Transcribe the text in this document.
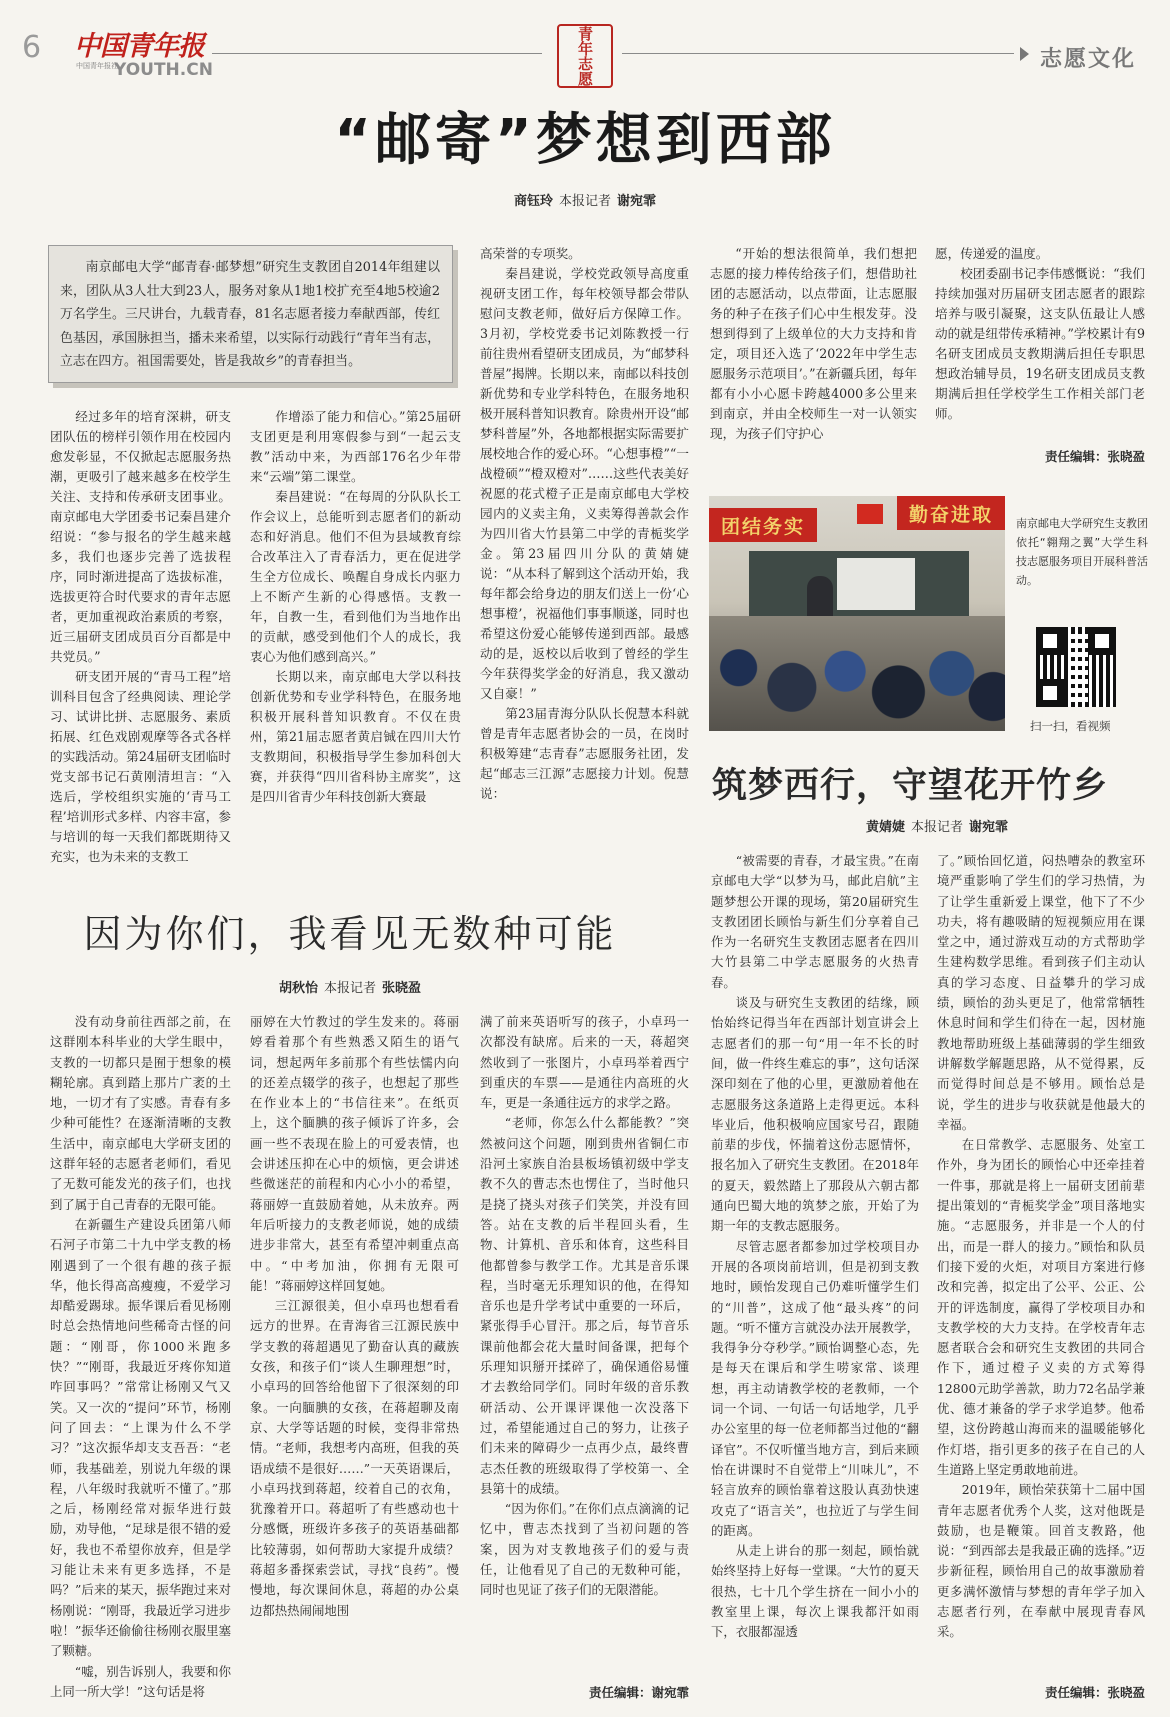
6 中国青年报
中国青年报社
YOUTH.CN	青年志愿	志愿文化
“邮寄”梦想到西部
商钰玲 本报记者 谢宛霏

南京邮电大学“邮青春·邮梦想”研究生支教团自2014年组建以来，团队从3人壮大到23人，服务对象从1地1校扩充至4地5校逾2万名学生。三尺讲台，九载青春，81名志愿者接力奉献西部，传红色基因，承国脉担当，播未来希望，以实际行动践行“青年当有志，立志在四方。祖国需要处，皆是我故乡”的青春担当。

经过多年的培育深耕，研支团队伍的榜样引领作用在校园内愈发彰显，不仅掀起志愿服务热潮，更吸引了越来越多在校学生关注、支持和传承研支团事业。南京邮电大学团委书记秦昌建介绍说：“参与报名的学生越来越多，我们也逐步完善了选拔程序，同时渐进提高了选拔标准，选拔更符合时代要求的青年志愿者，更加重视政治素质的考察，近三届研支团成员百分百都是中共党员。”

研支团开展的“青马工程”培训科目包含了经典阅读、理论学习、试讲比拼、志愿服务、素质拓展、红色戏剧观摩等各式各样的实践活动。第24届研支团临时党支部书记石黄刚清坦言：“入选后，学校组织实施的‘青马工程’培训形式多样、内容丰富，参与培训的每一天我们都既期待又充实，也为未来的支教工

作增添了能力和信心。”第25届研支团更是利用寒假参与到“一起云支教”活动中来，为西部176名少年带来“云端”第二课堂。

秦昌建说：“在每周的分队队长工作会议上，总能听到志愿者们的新动态和好消息。他们不但为县域教育综合改革注入了青春活力，更在促进学生全方位成长、唤醒自身成长内驱力上不断产生新的心得感悟。支教一年，自教一生，看到他们为当地作出的贡献，感受到他们个人的成长，我衷心为他们感到高兴。”

长期以来，南京邮电大学以科技创新优势和专业学科特色，在服务地积极开展科普知识教育。不仅在贵州，第21届志愿者黄启铖在四川大竹支教期间，积极指导学生参加科创大赛，并获得“四川省科协主席奖”，这是四川省青少年科技创新大赛最

高荣誉的专项奖。

秦昌建说，学校党政领导高度重视研支团工作，每年校领导都会带队慰问支教老师，做好后方保障工作。3月初，学校党委书记刘陈教授一行前往贵州看望研支团成员，为“邮梦科普屋”揭牌。长期以来，南邮以科技创新优势和专业学科特色，在服务地积极开展科普知识教育。除贵州开设“邮梦科普屋”外，各地都根据实际需要扩展校地合作的爱心环。“心想事橙”“一战橙硕”“橙双橙对”……这些代表美好祝愿的花式橙子正是南京邮电大学校园内的义卖主角，义卖筹得善款会作为四川省大竹县第二中学的青栀奖学金。第23届四川分队的黄婧婕说：“从本科了解到这个活动开始，我每年都会给身边的朋友们送上一份‘心想事橙’，祝福他们事事顺遂，同时也希望这份爱心能够传递到西部。最感动的是，返校以后收到了曾经的学生今年获得奖学金的好消息，我又激动又自豪！”

第23届青海分队队长倪慧本科就曾是青年志愿者协会的一员，在岗时积极筹建“志青春”志愿服务社团，发起“邮志三江源”志愿接力计划。倪慧说：

“开始的想法很简单，我们想把志愿的接力棒传给孩子们，想借助社团的志愿活动，以点带面，让志愿服务的种子在孩子们心中生根发芽。没想到得到了上级单位的大力支持和肯定，项目还入选了‘2022年中学生志愿服务示范项目’。”在新疆兵团，每年都有小小心愿卡跨越4000多公里来到南京，并由全校师生一对一认领实现，为孩子们守护心

愿，传递爱的温度。

校团委副书记李伟感慨说：“我们持续加强对历届研支团志愿者的跟踪培养与吸引凝聚，这支队伍最让人感动的就是纽带传承精神。”学校累计有9名研支团成员支教期满后担任专职思想政治辅导员，19名研支团成员支教期满后担任学校学生工作相关部门老师。

责任编辑：张晓盈
团结务实
勤奋进取 南京邮电大学研究生支教团依托“翱翔之翼”大学生科技志愿服务项目开展科普活动。

扫一扫，看视频
筑梦西行，守望花开竹乡
黄婧婕 本报记者 谢宛霏

“被需要的青春，才最宝贵。”在南京邮电大学“以梦为马，邮此启航”主题梦想公开课的现场，第20届研究生支教团团长顾怡与新生们分享着自己作为一名研究生支教团志愿者在四川大竹县第二中学志愿服务的火热青春。

谈及与研究生支教团的结缘，顾怡始终记得当年在西部计划宣讲会上志愿者们的那一句“用一年不长的时间，做一件终生难忘的事”，这句话深深印刻在了他的心里，更激励着他在志愿服务这条道路上走得更远。本科毕业后，他积极响应国家号召，跟随前辈的步伐，怀揣着这份志愿情怀，报名加入了研究生支教团。在2018年的夏天，毅然踏上了那段从六朝古都通向巴蜀大地的筑梦之旅，开始了为期一年的支教志愿服务。

尽管志愿者都参加过学校项目办开展的各项岗前培训，但是初到支教地时，顾怡发现自己仍难听懂学生们的“川普”，这成了他“最头疼”的问题。“听不懂方言就没办法开展教学，我得争分夺秒学。”顾怡调整心态，先是每天在课后和学生唠家常、谈理想，再主动请教学校的老教师，一个词一个词、一句话一句话地学，几乎办公室里的每一位老师都当过他的“翻译官”。不仅听懂当地方言，到后来顾怡在讲课时不自觉带上“川味儿”，不轻言放弃的顾怡靠着这股认真劲快速攻克了“语言关”，也拉近了与学生间的距离。

从走上讲台的那一刻起，顾怡就始终坚持上好每一堂课。“大竹的夏天很热，七十几个学生挤在一间小小的教室里上课，每次上课我都汗如雨下，衣服都湿透

了。”顾怡回忆道，闷热嘈杂的教室环境严重影响了学生们的学习热情，为了让学生重新爱上课堂，他下了不少功夫，将有趣吸睛的短视频应用在课堂之中，通过游戏互动的方式帮助学生建构数学思维。看到孩子们主动认真的学习态度、日益攀升的学习成绩，顾怡的劲头更足了，他常常牺牲休息时间和学生们待在一起，因材施教地帮助班级上基础薄弱的学生细致讲解数学解题思路，从不觉得累，反而觉得时间总是不够用。顾怡总是说，学生的进步与收获就是他最大的幸福。

在日常教学、志愿服务、处室工作外，身为团长的顾怡心中还牵挂着一件事，那就是将上一届研支团前辈提出策划的“青栀奖学金”项目落地实施。“志愿服务，并非是一个人的付出，而是一群人的接力。”顾怡和队员们接下爱的火炬，对项目方案进行修改和完善，拟定出了公平、公正、公开的评选制度，赢得了学校项目办和支教学校的大力支持。在学校青年志愿者联合会和研究生支教团的共同合作下，通过橙子义卖的方式筹得12800元助学善款，助力72名品学兼优、德才兼备的学子求学追梦。他希望，这份跨越山海而来的温暖能够化作灯塔，指引更多的孩子在自己的人生道路上坚定勇敢地前进。

2019年，顾怡荣获第十二届中国青年志愿者优秀个人奖，这对他既是鼓励，也是鞭策。回首支教路，他说：“到西部去是我最正确的选择。”迈步新征程，顾怡用自己的故事激励着更多满怀激情与梦想的青年学子加入志愿者行列，在奉献中展现青春风采。

责任编辑：张晓盈
因为你们，我看见无数种可能
胡秋怡 本报记者 张晓盈

没有动身前往西部之前，在这群刚本科毕业的大学生眼中，支教的一切都只是囿于想象的模糊轮廓。真到踏上那片广袤的土地，一切才有了实感。青春有多少种可能性？在逐渐清晰的支教生活中，南京邮电大学研支团的这群年轻的志愿者老师们，看见了无数可能发光的孩子们，也找到了属于自己青春的无限可能。

在新疆生产建设兵团第八师石河子市第二十九中学支教的杨刚遇到了一个很有趣的孩子振华，他长得高高瘦瘦，不爱学习却酷爱踢球。振华课后看见杨刚时总会热情地问些稀奇古怪的问题：“刚哥，你1000米跑多快？”“刚哥，我最近牙疼你知道咋回事吗？”常常让杨刚又气又笑。又一次的“提问”环节，杨刚问了回去：“上课为什么不学习？”这次振华却支支吾吾：“老师，我基础差，别说九年级的课程，八年级时我就听不懂了。”那之后，杨刚经常对振华进行鼓励，劝导他，“足球是很不错的爱好，我也不希望你放弃，但是学习能让未来有更多选择，不是吗？”后来的某天，振华跑过来对杨刚说：“刚哥，我最近学习进步啦！”振华还偷偷往杨刚衣服里塞了颗糖。

“嘘，别告诉别人，我要和你上同一所大学！”这句话是将

丽婷在大竹教过的学生发来的。蒋丽婷看着那个有些熟悉又陌生的语气词，想起两年多前那个有些怯懦内向的还差点辍学的孩子，也想起了那些在作业本上的“书信往来”。在纸页上，这个腼腆的孩子倾诉了许多，会画一些不表现在脸上的可爱表情，也会讲述压抑在心中的烦恼，更会讲述些微迷茫的前程和内心小小的希望，蒋丽婷一直鼓励着她，从未放弃。两年后听接力的支教老师说，她的成绩进步非常大，甚至有希望冲刺重点高中。“中考加油，你拥有无限可能！”蒋丽婷这样回复她。

三江源很美，但小卓玛也想看看远方的世界。在青海省三江源民族中学支教的蒋超遇见了勤奋认真的藏族女孩，和孩子们“谈人生聊理想”时，小卓玛的回答给他留下了很深刻的印象。一向腼腆的女孩，在蒋超聊及南京、大学等话题的时候，变得非常热情。“老师，我想考内高班，但我的英语成绩不是很好……”一天英语课后，小卓玛找到蒋超，绞着自己的衣角，犹豫着开口。蒋超听了有些感动也十分感慨，班级许多孩子的英语基础都比较薄弱，如何帮助大家提升成绩？蒋超多番探索尝试，寻找“良药”。慢慢地，每次课间休息，蒋超的办公桌边都热热闹闹地围

满了前来英语听写的孩子，小卓玛一次都没有缺席。后来的一天，蒋超突然收到了一张图片，小卓玛举着西宁到重庆的车票——是通往内高班的火车，更是一条通往远方的求学之路。

“老师，你怎么什么都能教？”突然被问这个问题，刚到贵州省铜仁市沿河土家族自治县板场镇初级中学支教不久的曹志杰也愣住了，当时他只是挠了挠头对孩子们笑笑，并没有回答。站在支教的后半程回头看，生物、计算机、音乐和体育，这些科目他都曾参与教学工作。尤其是音乐课程，当时毫无乐理知识的他，在得知音乐也是升学考试中重要的一环后，紧张得手心冒汗。那之后，每节音乐课前他都会花大量时间备课，把每个乐理知识掰开揉碎了，确保通俗易懂才去教给同学们。同时年级的音乐教研活动、公开课评课他一次没落下过，希望能通过自己的努力，让孩子们未来的障碍少一点再少点，最终曹志杰任教的班级取得了学校第一、全县第十的成绩。

“因为你们。”在你们点点滴滴的记忆中，曹志杰找到了当初问题的答案，因为对支教地孩子们的爱与责任，让他看见了自己的无数种可能，同时也见证了孩子们的无限潜能。

责任编辑：谢宛霏
